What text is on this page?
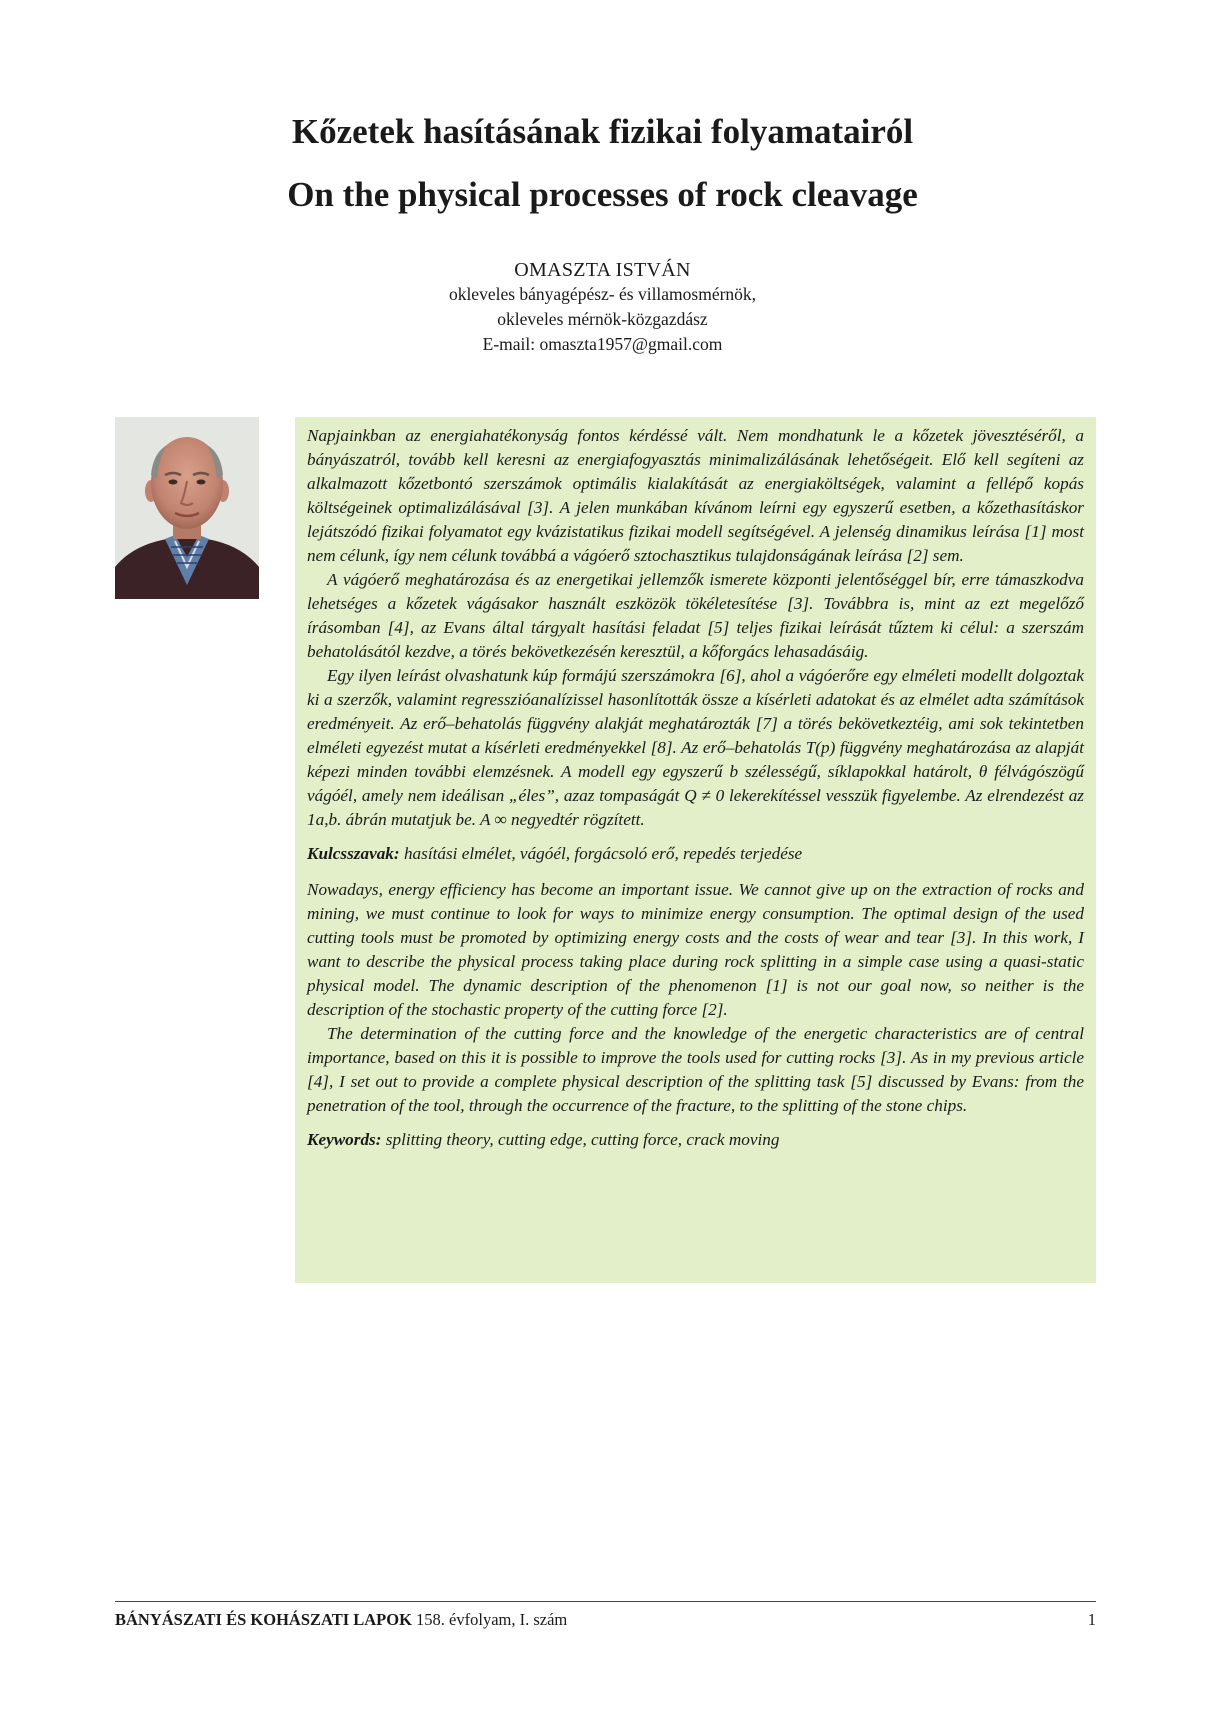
Kőzetek hasításának fizikai folyamatairól
On the physical processes of rock cleavage
OMASZTA ISTVÁN
okleveles bányagépész- és villamosmérnök,
okleveles mérnök-közgazdász
E-mail: omaszta1957@gmail.com

Napjainkban az energiahatékonyság fontos kérdéssé vált. Nem mondhatunk le a kőzetek jövesztéséről, a bányászatról, tovább kell keresni az energiafogyasztás minimalizálásának lehetőségeit. Elő kell segíteni az alkalmazott kőzetbontó szerszámok optimális kialakítását az energiaköltségek, valamint a fellépő kopás költségeinek optimalizálásával [3]. A jelen munkában kívánom leírni egy egyszerű esetben, a kőzethasításkor lejátszódó fizikai folyamatot egy kvázistatikus fizikai modell segítségével. A jelenség dinamikus leírása [1] most nem célunk, így nem célunk továbbá a vágóerő sztochasztikus tulajdonságának leírása [2] sem.

A vágóerő meghatározása és az energetikai jellemzők ismerete központi jelentőséggel bír, erre támaszkodva lehetséges a kőzetek vágásakor használt eszközök tökéletesítése [3]. Továbbra is, mint az ezt megelőző írásomban [4], az Evans által tárgyalt hasítási feladat [5] teljes fizikai leírását tűztem ki célul: a szerszám behatolásától kezdve, a törés bekövetkezésén keresztül, a kőforgács lehasadásáig.

Egy ilyen leírást olvashatunk kúp formájú szerszámokra [6], ahol a vágóerőre egy elméleti modellt dolgoztak ki a szerzők, valamint regresszióanalízissel hasonlították össze a kísérleti adatokat és az elmélet adta számítások eredményeit. Az erő–behatolás függvény alakját meghatározták [7] a törés bekövetkeztéig, ami sok tekintetben elméleti egyezést mutat a kísérleti eredményekkel [8]. Az erő–behatolás T(p) függvény meghatározása az alapját képezi minden további elemzésnek. A modell egy egyszerű b szélességű, síklapokkal határolt, θ félvágószögű vágóél, amely nem ideálisan „éles”, azaz tompaságát Q ≠ 0 lekerekítéssel vesszük figyelembe. Az elrendezést az 1a,b. ábrán mutatjuk be. A ∞ negyedtér rögzített.

Kulcsszavak: hasítási elmélet, vágóél, forgácsoló erő, repedés terjedése

Nowadays, energy efficiency has become an important issue. We cannot give up on the extraction of rocks and mining, we must continue to look for ways to minimize energy consumption. The optimal design of the used cutting tools must be promoted by optimizing energy costs and the costs of wear and tear [3]. In this work, I want to describe the physical process taking place during rock splitting in a simple case using a quasi-static physical model. The dynamic description of the phenomenon [1] is not our goal now, so neither is the description of the stochastic property of the cutting force [2].

The determination of the cutting force and the knowledge of the energetic characteristics are of central importance, based on this it is possible to improve the tools used for cutting rocks [3]. As in my previous article [4], I set out to provide a complete physical description of the splitting task [5] discussed by Evans: from the penetration of the tool, through the occurrence of the fracture, to the splitting of the stone chips.

Keywords: splitting theory, cutting edge, cutting force, crack moving

BÁNYÁSZATI ÉS KOHÁSZATI LAPOK 158. évfolyam, I. szám	1
